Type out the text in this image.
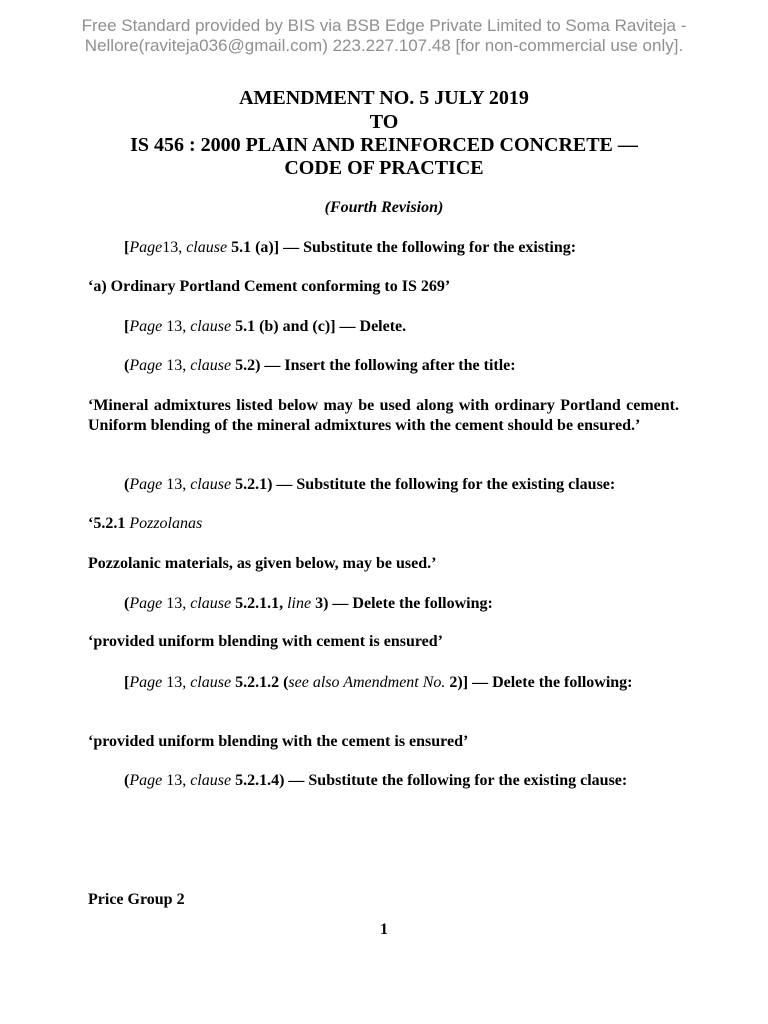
Free Standard provided by BIS via BSB Edge Private Limited to Soma Raviteja -
Nellore(raviteja036@gmail.com) 223.227.107.48 [for non-commercial use only].
AMENDMENT NO. 5 JULY 2019
TO
IS 456 : 2000 PLAIN AND REINFORCED CONCRETE —
CODE OF PRACTICE
(Fourth Revision)

[Page13, clause 5.1 (a)] — Substitute the following for the existing:

‘a) Ordinary Portland Cement conforming to IS 269’

[Page 13, clause 5.1 (b) and (c)] — Delete.

(Page 13, clause 5.2) — Insert the following after the title:

‘Mineral admixtures listed below may be used along with ordinary Portland cement. Uniform blending of the mineral admixtures with the cement should be ensured.’

(Page 13, clause 5.2.1) — Substitute the following for the existing clause:

‘5.2.1 Pozzolanas

Pozzolanic materials, as given below, may be used.’

(Page 13, clause 5.2.1.1, line 3) — Delete the following:

‘provided uniform blending with cement is ensured’

[Page 13, clause 5.2.1.2 (see also Amendment No. 2)] — Delete the following:

‘provided uniform blending with the cement is ensured’

(Page 13, clause 5.2.1.4) — Substitute the following for the existing clause:

Price Group 2
1
